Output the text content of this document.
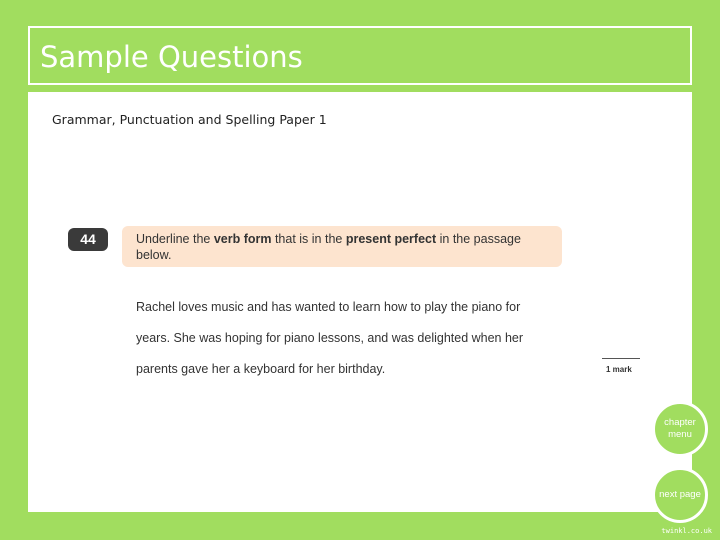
Sample Questions
Grammar, Punctuation and Spelling Paper 1
44	Underline the verb form that is in the present perfect in the passage below.
Rachel loves music and has wanted to learn how to play the piano for
years. She was hoping for piano lessons, and was delighted when her
parents gave her a keyboard for her birthday.	1 mark
chapter menu
next page
twinkl.co.uk
